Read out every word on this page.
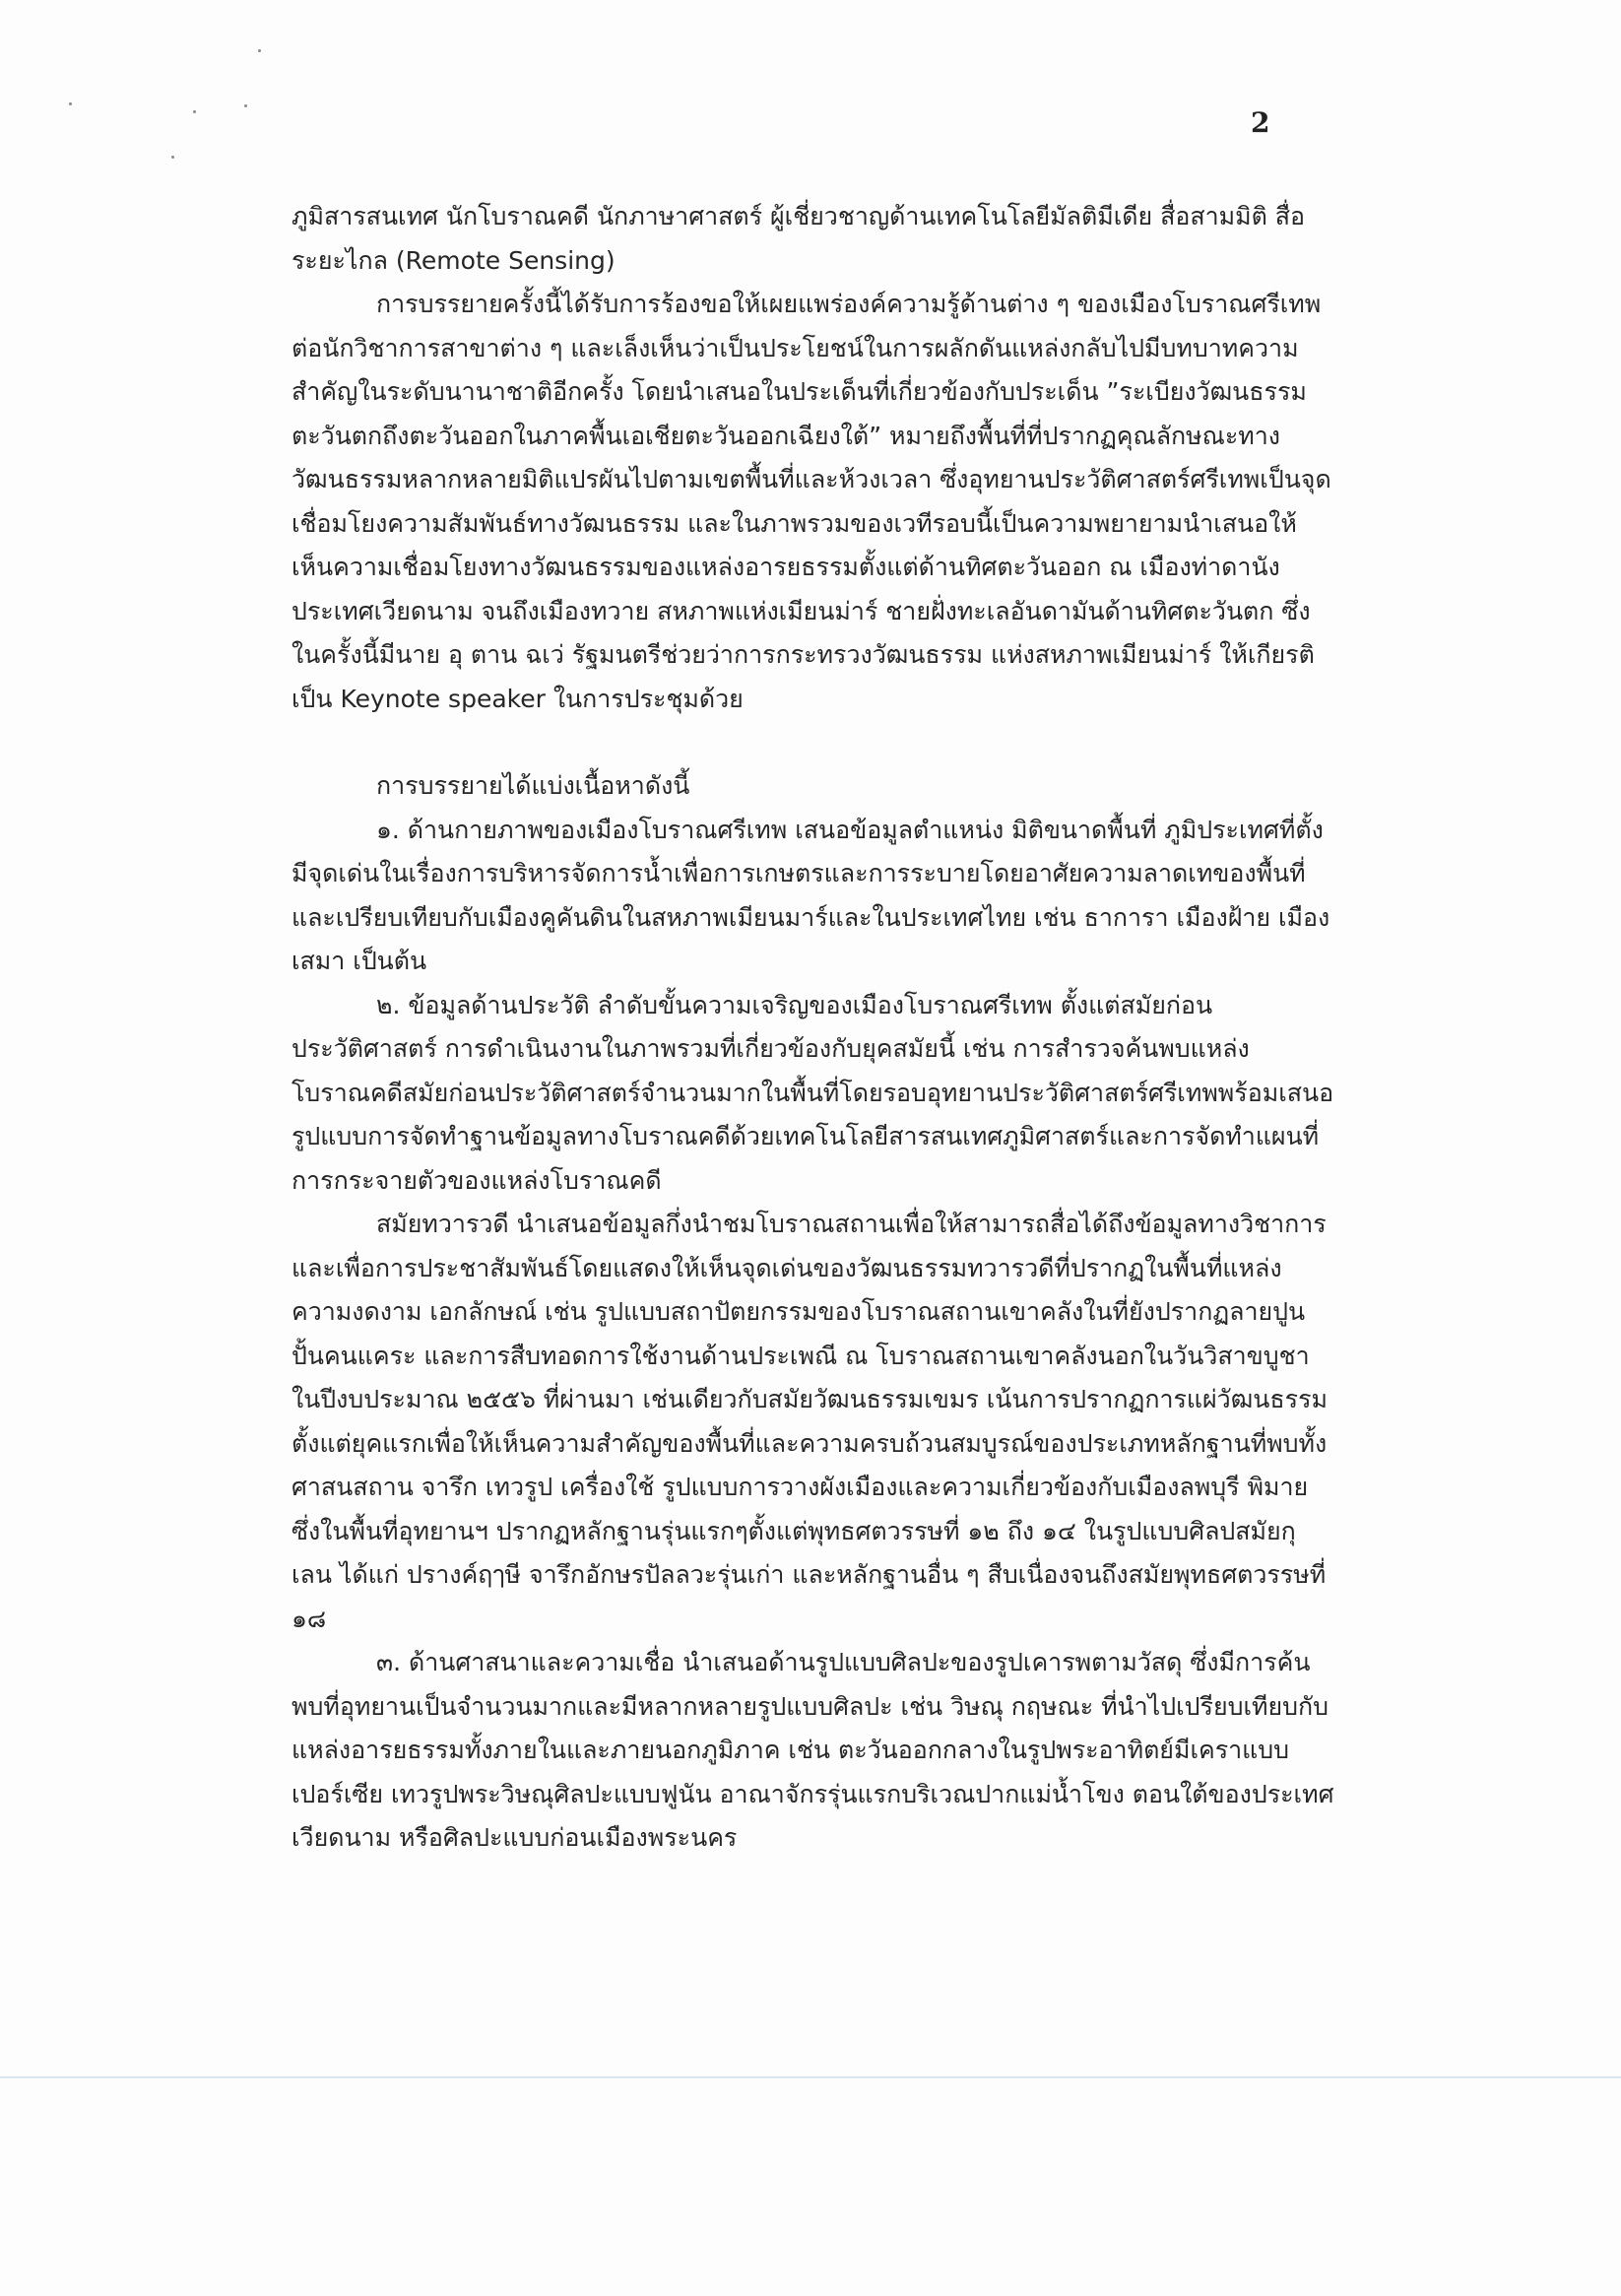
2

ภูมิสารสนเทศ นักโบราณคดี นักภาษาศาสตร์ ผู้เชี่ยวชาญด้านเทคโนโลยีมัลติมีเดีย สื่อสามมิติ สื่อระยะไกล (Remote Sensing)

การบรรยายครั้งนี้ได้รับการร้องขอให้เผยแพร่องค์ความรู้ด้านต่าง ๆ ของเมืองโบราณศรีเทพต่อนักวิชาการสาขาต่าง ๆ และเล็งเห็นว่าเป็นประโยชน์ในการผลักดันแหล่งกลับไปมีบทบาทความสำคัญในระดับนานาชาติอีกครั้ง โดยนำเสนอในประเด็นที่เกี่ยวข้องกับประเด็น ”ระเบียงวัฒนธรรมตะวันตกถึงตะวันออกในภาคพื้นเอเชียตะวันออกเฉียงใต้” หมายถึงพื้นที่ที่ปรากฏคุณลักษณะทางวัฒนธรรมหลากหลายมิติแปรผันไปตามเขตพื้นที่และห้วงเวลา ซึ่งอุทยานประวัติศาสตร์ศรีเทพเป็นจุดเชื่อมโยงความสัมพันธ์ทางวัฒนธรรม และในภาพรวมของเวทีรอบนี้เป็นความพยายามนำเสนอให้เห็นความเชื่อมโยงทางวัฒนธรรมของแหล่งอารยธรรมตั้งแต่ด้านทิศตะวันออก ณ เมืองท่าดานัง ประเทศเวียดนาม จนถึงเมืองทวาย สหภาพแห่งเมียนม่าร์ ชายฝั่งทะเลอันดามันด้านทิศตะวันตก ซึ่งในครั้งนี้มีนาย อุ ตาน ฉเว่ รัฐมนตรีช่วยว่าการกระทรวงวัฒนธรรม แห่งสหภาพเมียนม่าร์ ให้เกียรติเป็น Keynote speaker ในการประชุมด้วย

การบรรยายได้แบ่งเนื้อหาดังนี้

๑. ด้านกายภาพของเมืองโบราณศรีเทพ เสนอข้อมูลตำแหน่ง มิติขนาดพื้นที่ ภูมิประเทศที่ตั้ง มีจุดเด่นในเรื่องการบริหารจัดการน้ำเพื่อการเกษตรและการระบายโดยอาศัยความลาดเทของพื้นที่ และเปรียบเทียบกับเมืองคูคันดินในสหภาพเมียนมาร์และในประเทศไทย เช่น ธาการา เมืองฝ้าย เมืองเสมา เป็นต้น

๒. ข้อมูลด้านประวัติ ลำดับขั้นความเจริญของเมืองโบราณศรีเทพ ตั้งแต่สมัยก่อนประวัติศาสตร์ การดำเนินงานในภาพรวมที่เกี่ยวข้องกับยุคสมัยนี้ เช่น การสำรวจค้นพบแหล่งโบราณคดีสมัยก่อนประวัติศาสตร์จำนวนมากในพื้นที่โดยรอบอุทยานประวัติศาสตร์ศรีเทพพร้อมเสนอรูปแบบการจัดทำฐานข้อมูลทางโบราณคดีด้วยเทคโนโลยีสารสนเทศภูมิศาสตร์และการจัดทำแผนที่การกระจายตัวของแหล่งโบราณคดี

สมัยทวารวดี นำเสนอข้อมูลกึ่งนำชมโบราณสถานเพื่อให้สามารถสื่อได้ถึงข้อมูลทางวิชาการและเพื่อการประชาสัมพันธ์โดยแสดงให้เห็นจุดเด่นของวัฒนธรรมทวารวดีที่ปรากฏในพื้นที่แหล่งความงดงาม เอกลักษณ์ เช่น รูปแบบสถาปัตยกรรมของโบราณสถานเขาคลังในที่ยังปรากฏลายปูนปั้นคนแคระ และการสืบทอดการใช้งานด้านประเพณี ณ โบราณสถานเขาคลังนอกในวันวิสาขบูชาในปีงบประมาณ ๒๕๕๖ ที่ผ่านมา เช่นเดียวกับสมัยวัฒนธรรมเขมร เน้นการปรากฏการแผ่วัฒนธรรมตั้งแต่ยุคแรกเพื่อให้เห็นความสำคัญของพื้นที่และความครบถ้วนสมบูรณ์ของประเภทหลักฐานที่พบทั้งศาสนสถาน จารึก เทวรูป เครื่องใช้ รูปแบบการวางผังเมืองและความเกี่ยวข้องกับเมืองลพบุรี พิมายซึ่งในพื้นที่อุทยานฯ ปรากฏหลักฐานรุ่นแรกๆตั้งแต่พุทธศตวรรษที่ ๑๒ ถึง ๑๔ ในรูปแบบศิลปสมัยกุเลน ได้แก่ ปรางค์ฤๅษี จารึกอักษรปัลลวะรุ่นเก่า และหลักฐานอื่น ๆ สืบเนื่องจนถึงสมัยพุทธศตวรรษที่ ๑๘

๓. ด้านศาสนาและความเชื่อ นำเสนอด้านรูปแบบศิลปะของรูปเคารพตามวัสดุ ซึ่งมีการค้นพบที่อุทยานเป็นจำนวนมากและมีหลากหลายรูปแบบศิลปะ เช่น วิษณุ กฤษณะ ที่นำไปเปรียบเทียบกับแหล่งอารยธรรมทั้งภายในและภายนอกภูมิภาค เช่น ตะวันออกกลางในรูปพระอาทิตย์มีเคราแบบเปอร์เซีย เทวรูปพระวิษณุศิลปะแบบฟูนัน อาณาจักรรุ่นแรกบริเวณปากแม่น้ำโขง ตอนใต้ของประเทศเวียดนาม หรือศิลปะแบบก่อนเมืองพระนคร
